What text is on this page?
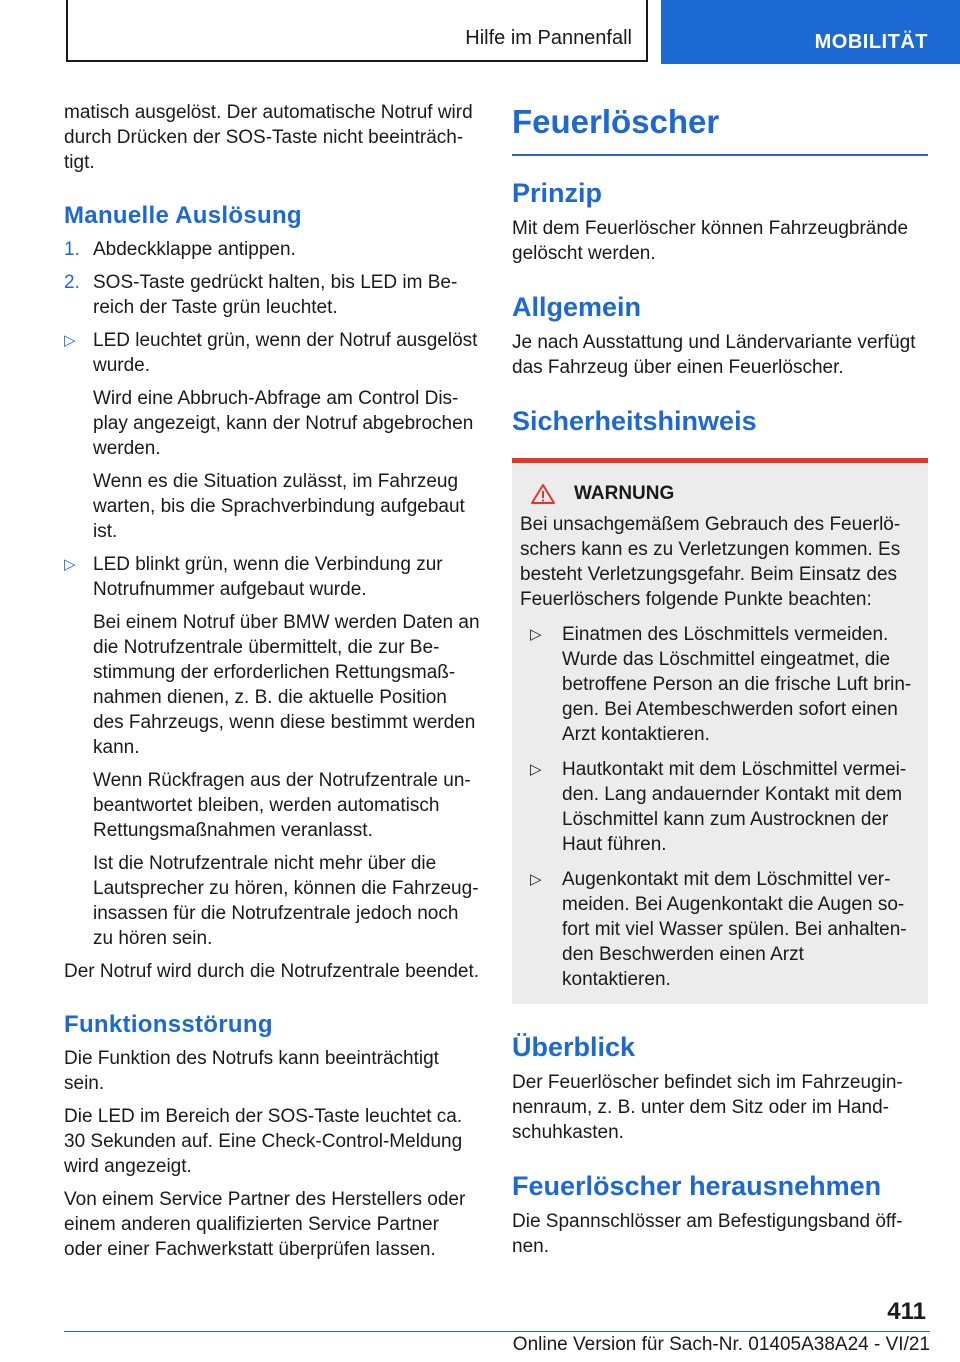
Hilfe im Pannenfall	MOBILITÄT

matisch ausgelöst. Der automatische Notruf wird durch Drücken der SOS-Taste nicht beeinträchtigt.

Manuelle Auslösung
1. Abdeckklappe antippen.
2. SOS-Taste gedrückt halten, bis LED im Bereich der Taste grün leuchtet.
▷ LED leuchtet grün, wenn der Notruf ausgelöst wurde.
Wird eine Abbruch-Abfrage am Control Display angezeigt, kann der Notruf abgebrochen werden.
Wenn es die Situation zulässt, im Fahrzeug warten, bis die Sprachverbindung aufgebaut ist.
▷ LED blinkt grün, wenn die Verbindung zur Notrufnummer aufgebaut wurde.
Bei einem Notruf über BMW werden Daten an die Notrufzentrale übermittelt, die zur Bestimmung der erforderlichen Rettungsmaßnahmen dienen, z. B. die aktuelle Position des Fahrzeugs, wenn diese bestimmt werden kann.
Wenn Rückfragen aus der Notrufzentrale unbeantwortet bleiben, werden automatisch Rettungsmaßnahmen veranlasst.
Ist die Notrufzentrale nicht mehr über die Lautsprecher zu hören, können die Fahrzeuginsassen für die Notrufzentrale jedoch noch zu hören sein.

Der Notruf wird durch die Notrufzentrale beendet.

Funktionsstörung

Die Funktion des Notrufs kann beeinträchtigt sein.

Die LED im Bereich der SOS-Taste leuchtet ca. 30 Sekunden auf. Eine Check-Control-Meldung wird angezeigt.

Von einem Service Partner des Herstellers oder einem anderen qualifizierten Service Partner oder einer Fachwerkstatt überprüfen lassen.

Feuerlöscher
Prinzip

Mit dem Feuerlöscher können Fahrzeugbrände gelöscht werden.

Allgemein

Je nach Ausstattung und Ländervariante verfügt das Fahrzeug über einen Feuerlöscher.

Sicherheitshinweis
WARNUNG

Bei unsachgemäßem Gebrauch des Feuerlöschers kann es zu Verletzungen kommen. Es besteht Verletzungsgefahr. Beim Einsatz des Feuerlöschers folgende Punkte beachten:

▷	Einatmen des Löschmittels vermeiden. Wurde das Löschmittel eingeatmet, die betroffene Person an die frische Luft bringen. Bei Atembeschwerden sofort einen Arzt kontaktieren.
▷	Hautkontakt mit dem Löschmittel vermeiden. Lang andauernder Kontakt mit dem Löschmittel kann zum Austrocknen der Haut führen.
▷	Augenkontakt mit dem Löschmittel vermeiden. Bei Augenkontakt die Augen sofort mit viel Wasser spülen. Bei anhaltenden Beschwerden einen Arzt kontaktieren.
Überblick

Der Feuerlöscher befindet sich im Fahrzeuginnenraum, z. B. unter dem Sitz oder im Handschuhkasten.

Feuerlöscher herausnehmen

Die Spannschlösser am Befestigungsband öffnen.

411
Online Version für Sach-Nr. 01405A38A24 - VI/21
